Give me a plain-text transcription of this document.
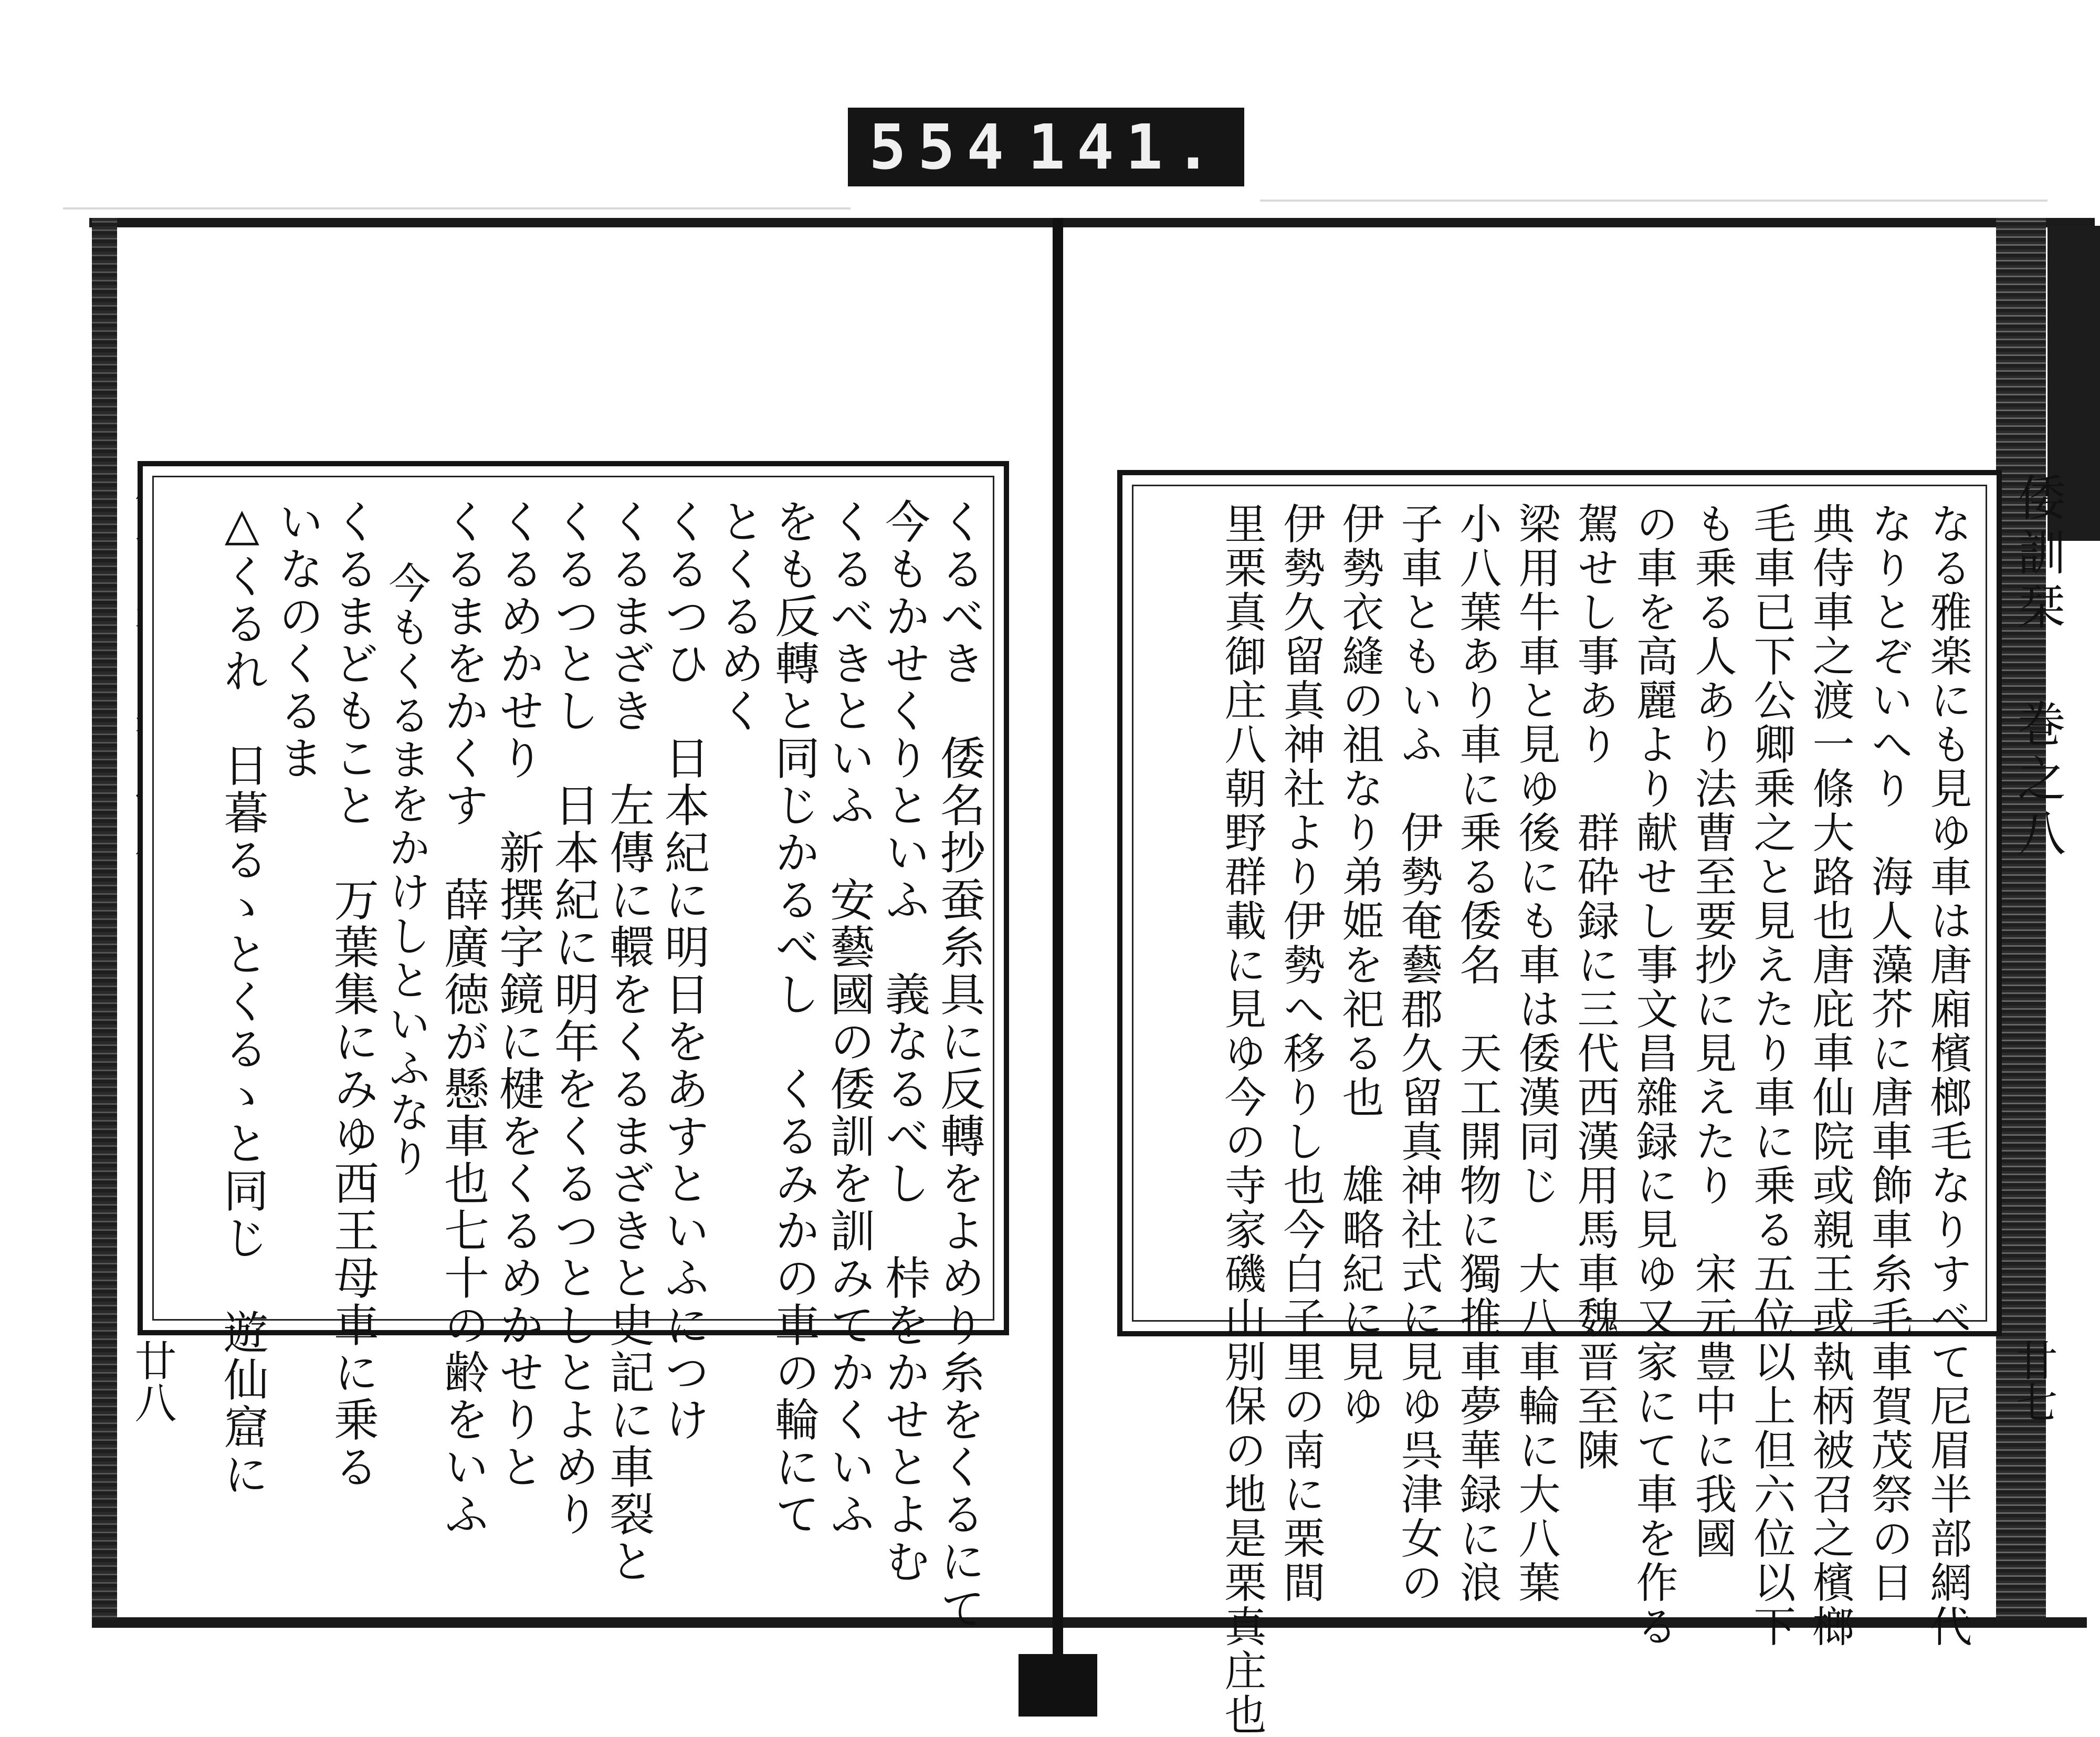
554 141.
廿八
倭訓栞 巻之八
廿七
くるべき　倭名抄蚕糸具に反轉をよめり糸をくるにて
今もかせくりといふ　義なるべし　桛をかせとよむ
くるべきといふ　安藝國の倭訓を訓みてかくいふ
をも反轉と同じかるべし　くるみかの車の輪にて
とくるめく
くるつひ　日本紀に明日をあすといふにつけ
くるまざき　左傳に轘をくるまざきと史記に車裂と
くるつとし　日本紀に明年をくるつとしとよめり
くるめかせり　新撰字鏡に楗をくるめかせりと
くるまをかくす　薛廣徳が懸車也七十の齢をいふ
今もくるまをかけしといふなり
くるまどもこと　万葉集にみゆ西王母車に乗る
いなのくるま
△くるれ　日暮るゝとくるゝと同じ　遊仙窟に	なる雅楽にも見ゆ車は唐廂檳榔毛なりすべて尼眉半部網代
なりとぞいへり　海人藻芥に唐車飾車糸毛車賀茂祭の日
典侍車之渡一條大路也唐庇車仙院或親王或執柄被召之檳榔
毛車已下公卿乗之と見えたり車に乗る五位以上但六位以下
も乗る人あり法曹至要抄に見えたり　宋元豊中に我國
の車を高麗より献せし事文昌雜録に見ゆ又家にて車を作る
駕せし事あり　群砕録に三代西漢用馬車魏晋至陳
梁用牛車と見ゆ後にも車は倭漢同じ　大八車輪に大八葉
小八葉あり車に乗る倭名　天工開物に獨推車夢華録に浪
子車ともいふ　伊勢奄藝郡久留真神社式に見ゆ呉津女の
伊勢衣縫の祖なり弟姫を祀る也　雄略紀に見ゆ
伊勢久留真神社より伊勢へ移りし也今白子里の南に栗間
里栗真御庄八朝野群載に見ゆ今の寺家磯山別保の地是栗真庄也
